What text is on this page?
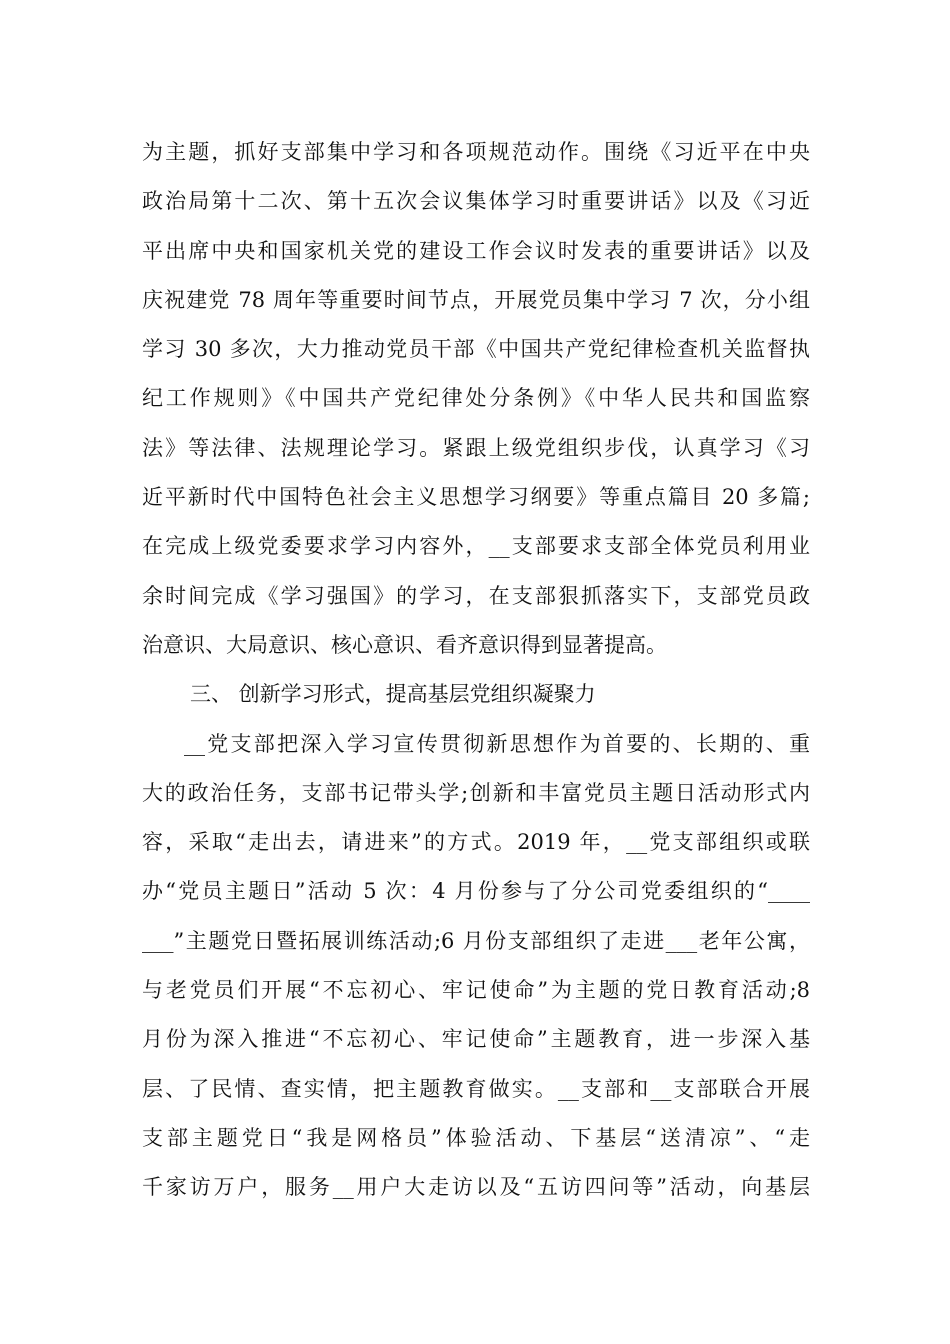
为主题，抓好支部集中学习和各项规范动作。围绕《习近平在中央
政治局第十二次、第十五次会议集体学习时重要讲话》以及《习近
平出席中央和国家机关党的建设工作会议时发表的重要讲话》以及
庆祝建党 78 周年等重要时间节点，开展党员集中学习 7 次，分小组
学习 30 多次，大力推动党员干部《中国共产党纪律检查机关监督执
纪工作规则》《中国共产党纪律处分条例》《中华人民共和国监察
法》等法律、法规理论学习。紧跟上级党组织步伐，认真学习《习
近平新时代中国特色社会主义思想学习纲要》等重点篇目 20 多篇;
在完成上级党委要求学习内容外，__支部要求支部全体党员利用业
余时间完成《学习强国》的学习，在支部狠抓落实下，支部党员政
治意识、大局意识、核心意识、看齐意识得到显著提高。
三、 创新学习形式，提高基层党组织凝聚力
__党支部把深入学习宣传贯彻新思想作为首要的、长期的、重
大的政治任务，支部书记带头学;创新和丰富党员主题日活动形式内
容，采取“走出去，请进来”的方式。2019 年，__党支部组织或联
办“党员主题日”活动 5 次：4 月份参与了分公司党委组织的“____
___”主题党日暨拓展训练活动;6 月份支部组织了走进___老年公寓，
与老党员们开展“不忘初心、牢记使命”为主题的党日教育活动;8
月份为深入推进“不忘初心、牢记使命”主题教育，进一步深入基
层、了民情、查实情，把主题教育做实。__支部和__支部联合开展
支部主题党日“我是网格员”体验活动、下基层“送清凉”、“走
千家访万户，服务__用户大走访以及“五访四问等”活动，向基层
